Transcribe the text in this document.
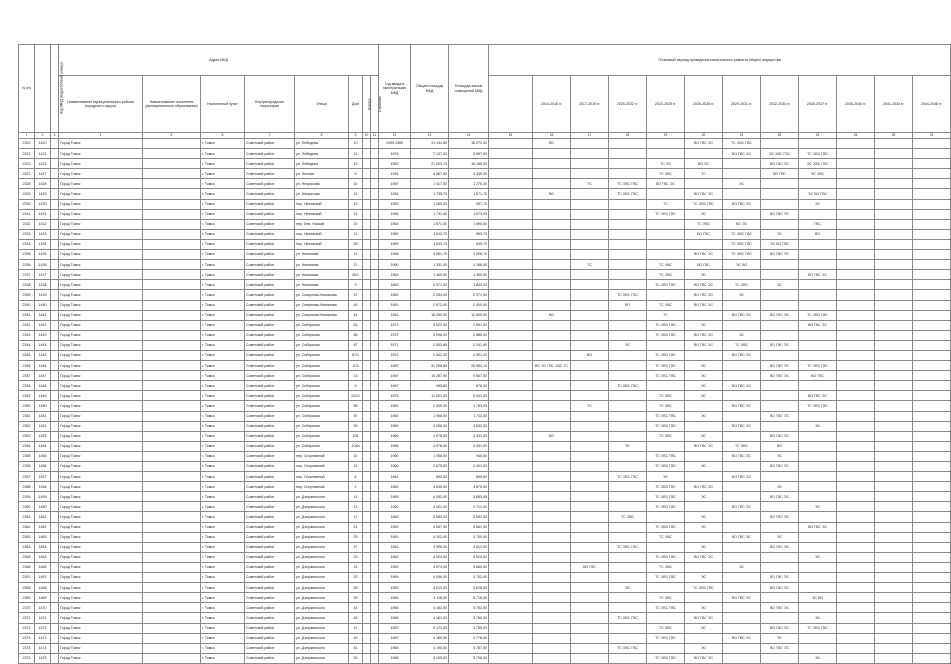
N п/п	Код МКД (Кадастровый номер)		Адрес МКД								Год ввода в эксплуатацию МКД	Общая площадь МКД	Площадь жилых помещений МКД	Плановый период проведения капитального ремонта общего имущества											
			Наименование муниципального района (городского округа)	Наименование поселения (муниципального образования)	Населенный пункт	Внутригородская территория	Улица	Дом	Корпус	Строение					2014-2016 гг.	2017-2019 гг.	2020-2022 гг.	2023-2025 гг.	2026-2028 гг.	2029-2031 гг.	2032-2034 гг.	2035-2037 гг.	2038-2040 гг.	2041-2043 гг.	2044-2046 гг.
1	2	3	4	5	6	7	8	9	10	11	12	13	14	15	16	17	18	19	20	21	22	23	24	25	26
2320	1420		Город Томск		г. Томск	Советский район	ул. Лебедева	10			1959-1960	21 911,80	16 272,00		ВО				ВО ГВС ЭС	ТС ХВС ГВС					
2321	1421		Город Томск		г. Томск	Советский район	ул. Лебедева	11			1976	7 137,00	5 897,90							ВО ГВС ЭС	ЭС ХВС ГВС	ТС ХВС ГВС			
2322	1422		Город Томск		г. Томск	Советский район	ул. Лебедева	13			1962	21 003,70	16 185,30					ТС ЭС	ВО ЭС		ВО ГВС ЭС	ЭС ХВС ГВС			
2327	1427		Город Томск		г. Томск	Советский район	ул. Лесная	9			1991	4 567,50	3 439,00					ТС ХВС	ТС		ВО ГВС	ЭС ХВС			
2328	1428		Город Томск		г. Томск	Советский район	ул. Некрасова	10			1957	1 417,00	1 275,30			ТС	ТС ХВС ГВС	ВО ГВС ЭС		ЭС					
2329	1429		Город Томск		г. Томск	Советский район	ул. Некрасова	12			1954	1 735,70	1 571,70		ВО		ТС ХВС ГВС		ВО ГВС ЭС			ЭС ВО ГВС			
2330	1430		Город Томск		г. Томск	Советский район	пер. Нечевский	13			1953	1 065,00	957,70					ТС	ТС ХВС ГВС	ВО ГВС ЭС		ЭС			
2331	1431		Город Томск		г. Томск	Советский район	пер. Нечевский	21			1954	1 731,40	1 573,00					ТС ХВС ГВС	ЭС		ВО ГВС ЭС				
2332	1432		Город Томск		г. Томск	Советский район	пер. Лев. Низкий	20			1964	1 871,00	1 695,00						ТС ХВС	ВО ЭС		ГВС			
2333	1433		Город Томск		г. Томск	Советский район	пер. Нечевский	11			1959	1 042,70	959,70						ВО ГВС	ТС ХВС ГВС	ЭС	ВО			
2334	1434		Город Томск		г. Томск	Советский район	пер. Нечевский	35			1959	1 043,70	939,70							ТС ХВС ГВС	ЭС ВО ГВС				
2335	1435		Город Томск		г. Томск	Советский район	ул. Нахимова	11			1968	4 081,70	3 506,70						ВО ГВС ЭС	ТС ХВС ГВС	ВО ГВС ЭС				
2336	1436		Город Томск		г. Томск	Советский район	ул. Нахимова	21			1960	1 331,00	1 168,00			ТС		ТС ХВС	ВО ГВС	ЭС ВО					
2337	1437		Город Томск		г. Томск	Советский район	ул. Нахимова	40/1			1963	1 465,00	1 350,00					ТС ХВС	ЭС			ВО ГВС ЭС			
2338	1438		Город Томск		г. Томск	Советский район	ул. Нахимова	5			1963	2 071,00	1 843,00					ТС ХВС ГВС	ВО ГВС ЭС	ТС ХВС	ЭС				
2339	1439		Город Томск		г. Томск	Советский район	ул. Смирнова-Нахимова	37			1962	2 284,00	2 071,00				ТС ХВС ГВС		ВО ГВС ЭС	ЭС					
2340	1440		Город Томск		г. Томск	Советский район	ул. Смирнова-Нахимова	45			1961	2 672,00	2 400,00				ВО	ТС ХВС	ВО ГВС ЭС						
2341	1441		Город Томск		г. Томск	Советский район	ул. Смирнова-Нахимова	41			1961	16 090,00	12 000,50		ВО			ТС		ВО ГВС ЭС	ВО ГВС ЭС	ТС ХВС ГВС			
2342	1442		Город Томск		г. Томск	Советский район	ул. Сибирская	63			1972	3 022,00	2 691,00					ТС ХВС ГВС	ЭС			ВО ГВС ЭС			
2343	1443		Город Томск		г. Томск	Советский район	ул. Сибирская	85			1972	3 096,20	2 885,30					ТС ХВС ГВС	ВО ГВС ЭС	ЭС					
2344	1444		Город Томск		г. Томск	Советский район	ул. Сибирская	87			1971	2 553,80	2 341,90				ЭС		ВО ГВС ЭС	ТС ХВС	ВО ГВС ЭС				
2345	1445		Город Томск		г. Томск	Советский район	ул. Сибирская	87/1			1972	2 542,20	2 391,20			ВО		ТС ХВС ГВС		ВО ГВС ЭС					
2346	1446		Город Томск		г. Томск	Советский район	ул. Сибирская	103			1987	31 298,80	26 984,10		ВО ЭС ГВС ХВС ТС			ТС ХВС ГВС	ЭС		ВО ГВС ЭС	ТС ХВС ГВС			
2347	1447		Город Томск		г. Томск	Советский район	ул. Сибирская	13			1967	10 287,90	9 667,00					ТС ХВС ГВС	ЭС		ВО ГВС ЭС	ВО ГВС			
2348	1448		Город Томск		г. Томск	Советский район	ул. Сибирская	9			1957	985,80	876,00				ТС ХВС ГВС		ЭС	ВО ГВС ЭС					
2349	1449		Город Томск		г. Томск	Советский район	ул. Сибирская	101/1			1975	11 001,00	9 931,00					ТС ХВС	ЭС			ВО ГВС ЭС			
2350	1450		Город Томск		г. Томск	Советский район	ул. Сибирская	95			1962	2 009,00	1 783,00			ТС		ТС ХВС		ВО ГВС ЭС		ТС ХВС ГВС			
2351	1451		Город Томск		г. Томск	Советский район	ул. Сибирская	97			1962	1 958,00	1 743,00					ТС ХВС ГВС	ЭС		ВО ГВС ЭС				
2352	1452		Город Томск		г. Томск	Советский район	ул. Сибирская	99			1969	4 056,00	3 632,00					ТС ХВС ГВС		ВО ГВС ЭС		ЭС			
2353	1453		Город Томск		г. Томск	Советский район	ул. Сибирская	104			1966	4 978,00	4 431,00		ВО			ТС ХВС	ЭС		ВО ГВС ЭС				
2354	1454		Город Томск		г. Томск	Советский район	ул. Сибирская	104a			1966	4 978,00	4 431,00				ЭС		ВО ГВС ЭС	ТС ХВС	ВО				
2355	1455		Город Томск		г. Томск	Советский район	пер. Спортивный	10			1960	1 058,00	945,00					ТС ХВС ГВС		ВО ГВС ЭС	ЭС				
2356	1456		Город Томск		г. Томск	Советский район	пер. Спортивный	12			1960	2 675,00	2 401,00					ТС ХВС ГВС	ЭС		ВО ГВС ЭС				
2357	1457		Город Томск		г. Томск	Советский район	пер. Спортивный	8			1961	895,00	809,00				ТС ХВС ГВС	ЭС		ВО ГВС ЭС					
2358	1458		Город Томск		г. Томск	Советский район	пер. Спортивный	2			1962	4 035,00	3 675,00					ТС ХВС ГВС	ВО ГВС ЭС		ЭС				
2359	1459		Город Томск		г. Томск	Советский район	ул. Дзержинского	11			1965	4 082,00	3 683,00					ТС ХВС ГВС	ЭС		ВО ГВС ЭС				
2360	1460		Город Томск		г. Томск	Советский район	ул. Дзержинского	13			1960	3 001,00	2 712,00					ТС ХВС ГВС		ВО ГВС ЭС		ЭС			
2361	1461		Город Томск		г. Томск	Советский район	ул. Дзержинского	17			1962	3 983,00	3 592,00				ТС ХВС		ЭС		ВО ГВС ЭС				
2362	1462		Город Томск		г. Томск	Советский район	ул. Дзержинского	21			1963	4 067,00	3 661,00					ТС ХВС ГВС	ЭС			ВО ГВС ЭС			
2363	1463		Город Томск		г. Томск	Советский район	ул. Дзержинского	25			1961	4 102,00	3 700,00					ТС ХВС		ВО ГВС ЭС	ЭС				
2364	1464		Город Томск		г. Томск	Советский район	ул. Дзержинского	27			1961	3 996,00	3 612,00				ТС ХВС ГВС		ЭС		ВО ГВС ЭС				
2365	1465		Город Томск		г. Томск	Советский район	ул. Дзержинского	29			1962	4 004,00	3 620,00					ТС ХВС ГВС	ВО ГВС ЭС			ЭС			
2366	1466		Город Томск		г. Томск	Советский район	ул. Дзержинского	31			1963	4 073,00	3 680,00			ВО ГВС		ТС ХВС		ЭС					
2367	1467		Город Томск		г. Томск	Советский район	ул. Дзержинского	33			1964	4 096,00	3 702,00					ТС ХВС ГВС	ЭС		ВО ГВС ЭС				
2368	1468		Город Томск		г. Томск	Советский район	ул. Дзержинского	35			1963	4 012,00	3 628,00				ЭС		ТС ХВС ГВС		ВО ГВС ЭС				
2369	1469		Город Томск		г. Томск	Советский район	ул. Дзержинского	39			1965	4 118,00	3 716,00					ТС ХВС		ВО ГВС ЭС		ЭС ВО			
2370	1470		Город Томск		г. Томск	Советский район	ул. Дзержинского	41			1966	4 152,00	3 752,00					ТС ХВС ГВС	ЭС		ВО ГВС ЭС				
2371	1471		Город Томск		г. Томск	Советский район	ул. Дзержинского	45			1966	4 161,00	3 760,00				ТС ХВС ГВС		ВО ГВС ЭС			ЭС			
2372	1472		Город Томск		г. Томск	Советский район	ул. Дзержинского	47			1967	4 171,00	3 769,00					ТС ХВС	ЭС		ВО ГВС ЭС	ТС ХВС ГВС			
2373	1473		Город Томск		г. Томск	Советский район	ул. Дзержинского	49			1967	4 180,00	3 778,00					ТС ХВС ГВС		ВО ГВС ЭС	ЭС				
2374	1474		Город Томск		г. Томск	Советский район	ул. Дзержинского	51			1968	4 190,00	3 787,00				ТС ХВС ГВС		ЭС		ВО ГВС ЭС				
2375	1475		Город Томск		г. Томск	Советский район	ул. Дзержинского	53			1968	4 199,00	3 796,00					ТС ХВС ГВС	ВО ГВС ЭС			ЭС			
